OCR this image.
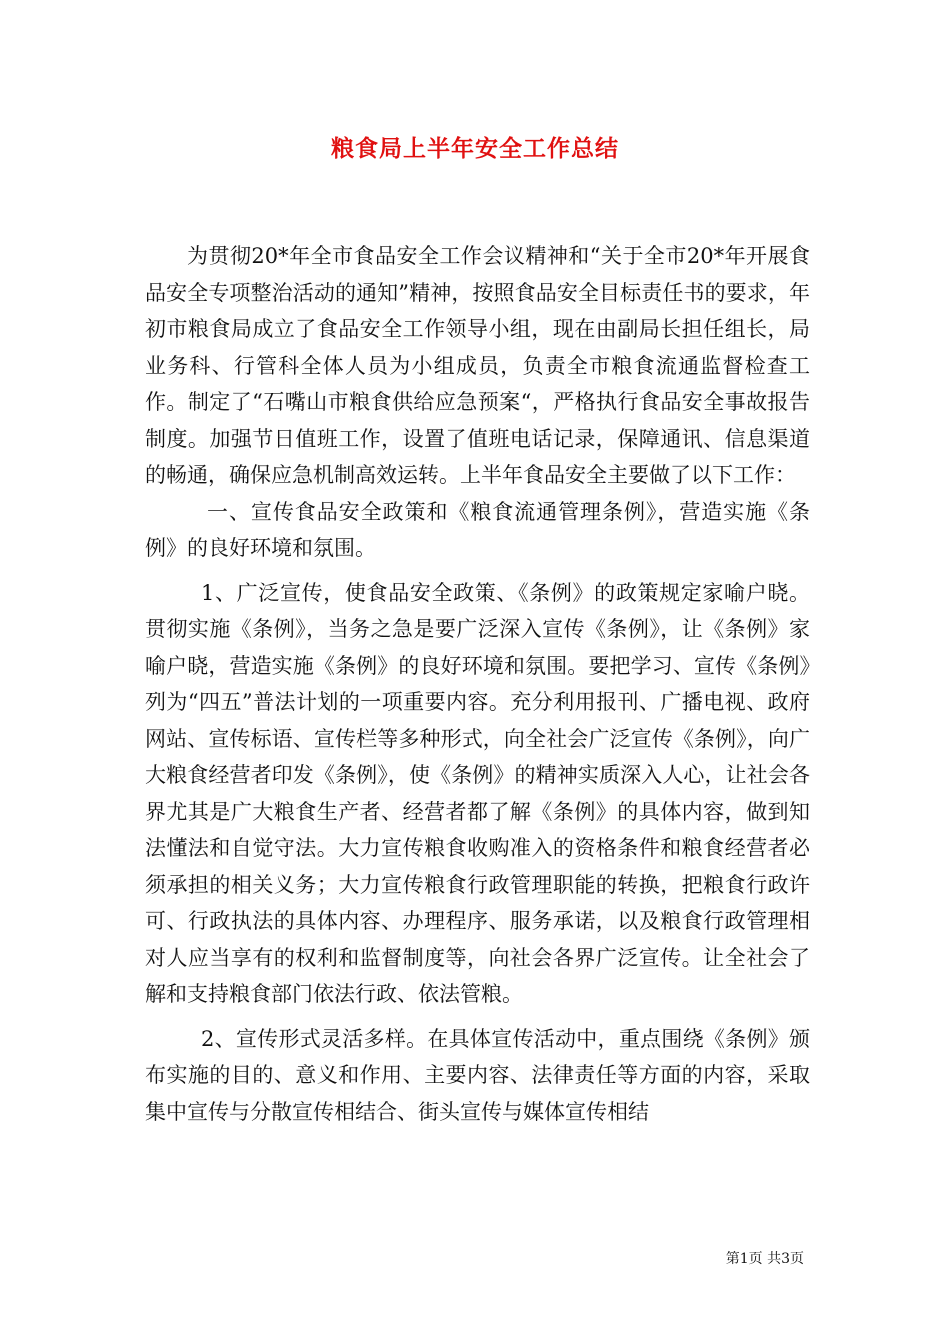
粮食局上半年安全工作总结

为贯彻20*年全市食品安全工作会议精神和“关于全市20*年开展食品安全专项整治活动的通知”精神，按照食品安全目标责任书的要求，年初市粮食局成立了食品安全工作领导小组，现在由副局长担任组长，局业务科、行管科全体人员为小组成员，负责全市粮食流通监督检查工作。制定了“石嘴山市粮食供给应急预案“，严格执行食品安全事故报告制度。加强节日值班工作，设置了值班电话记录，保障通讯、信息渠道的畅通，确保应急机制高效运转。上半年食品安全主要做了以下工作：

一、宣传食品安全政策和《粮食流通管理条例》，营造实施《条例》的良好环境和氛围。

1、广泛宣传，使食品安全政策、《条例》的政策规定家喻户晓。贯彻实施《条例》，当务之急是要广泛深入宣传《条例》，让《条例》家喻户晓，营造实施《条例》的良好环境和氛围。要把学习、宣传《条例》列为“四五”普法计划的一项重要内容。充分利用报刊、广播电视、政府网站、宣传标语、宣传栏等多种形式，向全社会广泛宣传《条例》，向广大粮食经营者印发《条例》，使《条例》的精神实质深入人心，让社会各界尤其是广大粮食生产者、经营者都了解《条例》的具体内容，做到知法懂法和自觉守法。大力宣传粮食收购准入的资格条件和粮食经营者必须承担的相关义务；大力宣传粮食行政管理职能的转换，把粮食行政许可、行政执法的具体内容、办理程序、服务承诺，以及粮食行政管理相对人应当享有的权利和监督制度等，向社会各界广泛宣传。让全社会了解和支持粮食部门依法行政、依法管粮。

2、宣传形式灵活多样。在具体宣传活动中，重点围绕《条例》颁布实施的目的、意义和作用、主要内容、法律责任等方面的内容，采取集中宣传与分散宣传相结合、街头宣传与媒体宣传相结

第1页 共3页
